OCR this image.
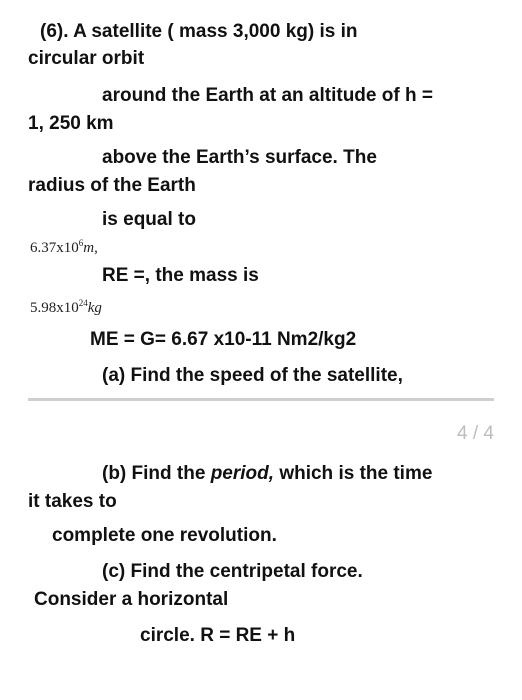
(6). A satellite ( mass 3,000 kg) is in
circular orbit
around the Earth at an altitude of h =
1, 250 km
above the Earth’s surface. The
radius of the Earth
is equal to
$6.37x10^6m$,
RE =, the mass is
$5.98x10^{24}kg$
ME = G= 6.67 x10-11 Nm2/kg2
(a) Find the speed of the satellite,
4 / 4
(b) Find the period, which is the time
it takes to
complete one revolution.
(c) Find the centripetal force.
Consider a horizontal
circle. R = RE + h
